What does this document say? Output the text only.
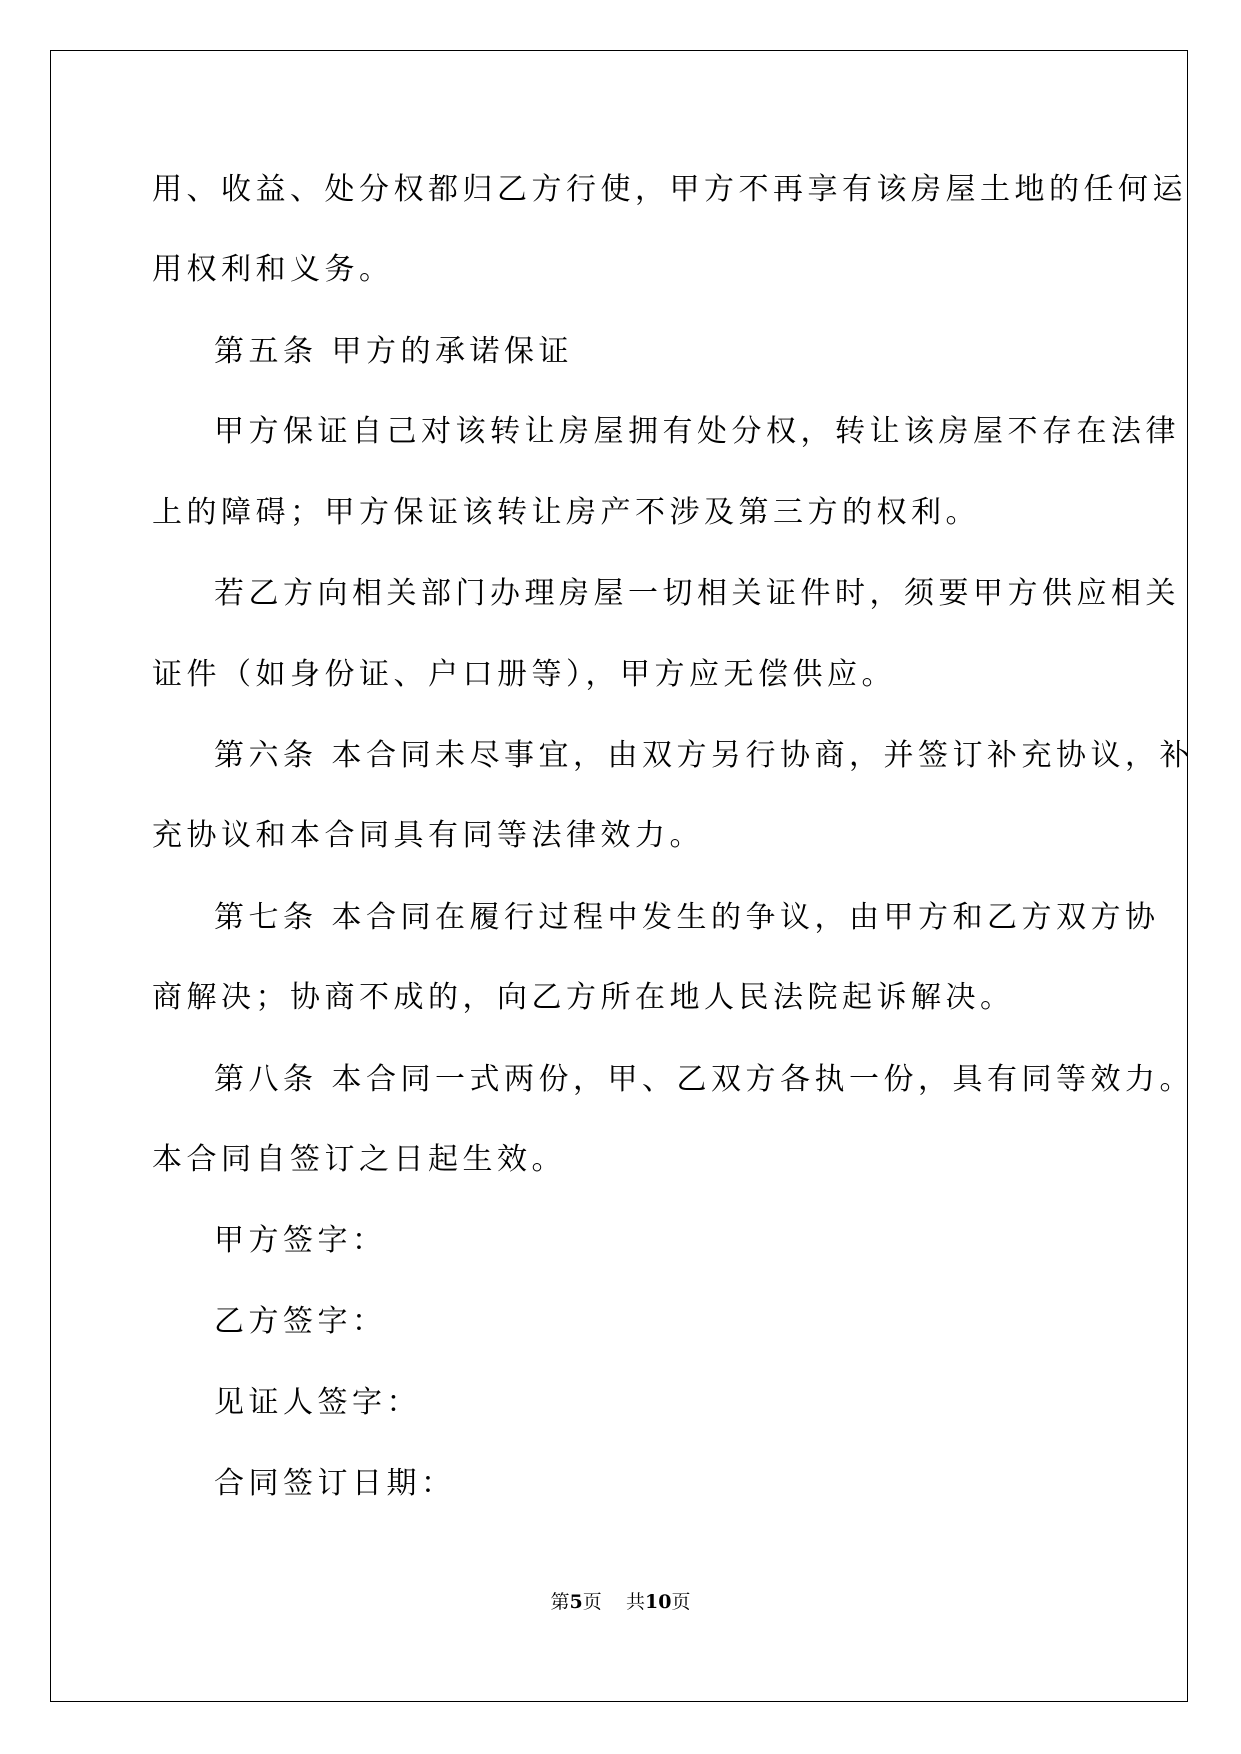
用、收益、处分权都归乙方行使，甲方不再享有该房屋土地的任何运
用权利和义务。
第五条 甲方的承诺保证
甲方保证自己对该转让房屋拥有处分权，转让该房屋不存在法律
上的障碍；甲方保证该转让房产不涉及第三方的权利。
若乙方向相关部门办理房屋一切相关证件时，须要甲方供应相关
证件（如身份证、户口册等），甲方应无偿供应。
第六条 本合同未尽事宜，由双方另行协商，并签订补充协议，补
充协议和本合同具有同等法律效力。
第七条 本合同在履行过程中发生的争议，由甲方和乙方双方协
商解决；协商不成的，向乙方所在地人民法院起诉解决。
第八条 本合同一式两份，甲、乙双方各执一份，具有同等效力。
本合同自签订之日起生效。
甲方签字：
乙方签字：
见证人签字：
合同签订日期：
第5页 共10页
